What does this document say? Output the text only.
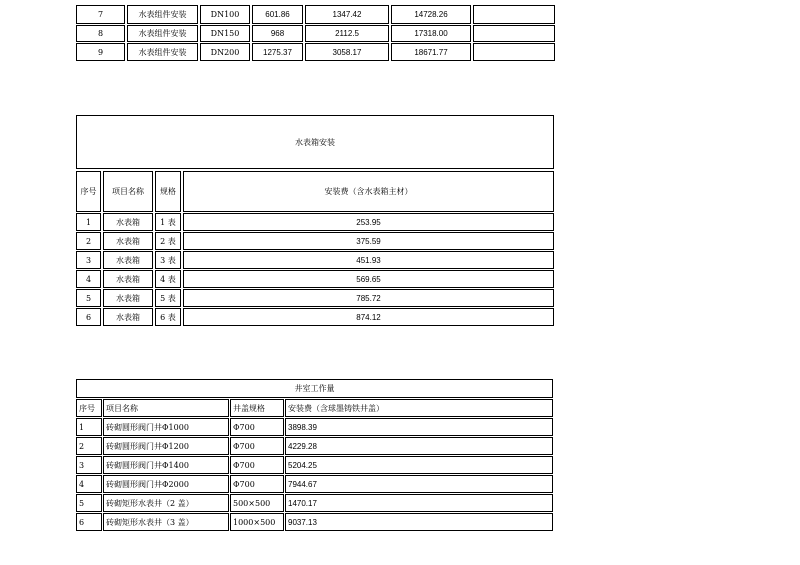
7	水表组件安装	DN100	601.86	1347.42	14728.26
8	水表组件安装	DN150	968	2112.5	17318.00
9	水表组件安装	DN200	1275.37	3058.17	18671.77
水表箱安装
序号	项目名称	规格	安装费（含水表箱主材）
1	水表箱	1 表	253.95
2	水表箱	2 表	375.59
3	水表箱	3 表	451.93
4	水表箱	4 表	569.65
5	水表箱	5 表	785.72
6	水表箱	6 表	874.12
井室工作量
序号	项目名称	井盖规格	安装费（含球墨铸铁井盖）
1	砖砌圆形阀门井Φ1000	Φ700	3898.39
2	砖砌圆形阀门井Φ1200	Φ700	4229.28
3	砖砌圆形阀门井Φ1400	Φ700	5204.25
4	砖砌圆形阀门井Φ2000	Φ700	7944.67
5	砖砌矩形水表井（2 盖）	500×500	1470.17
6	砖砌矩形水表井（3 盖）	1000×500	9037.13
